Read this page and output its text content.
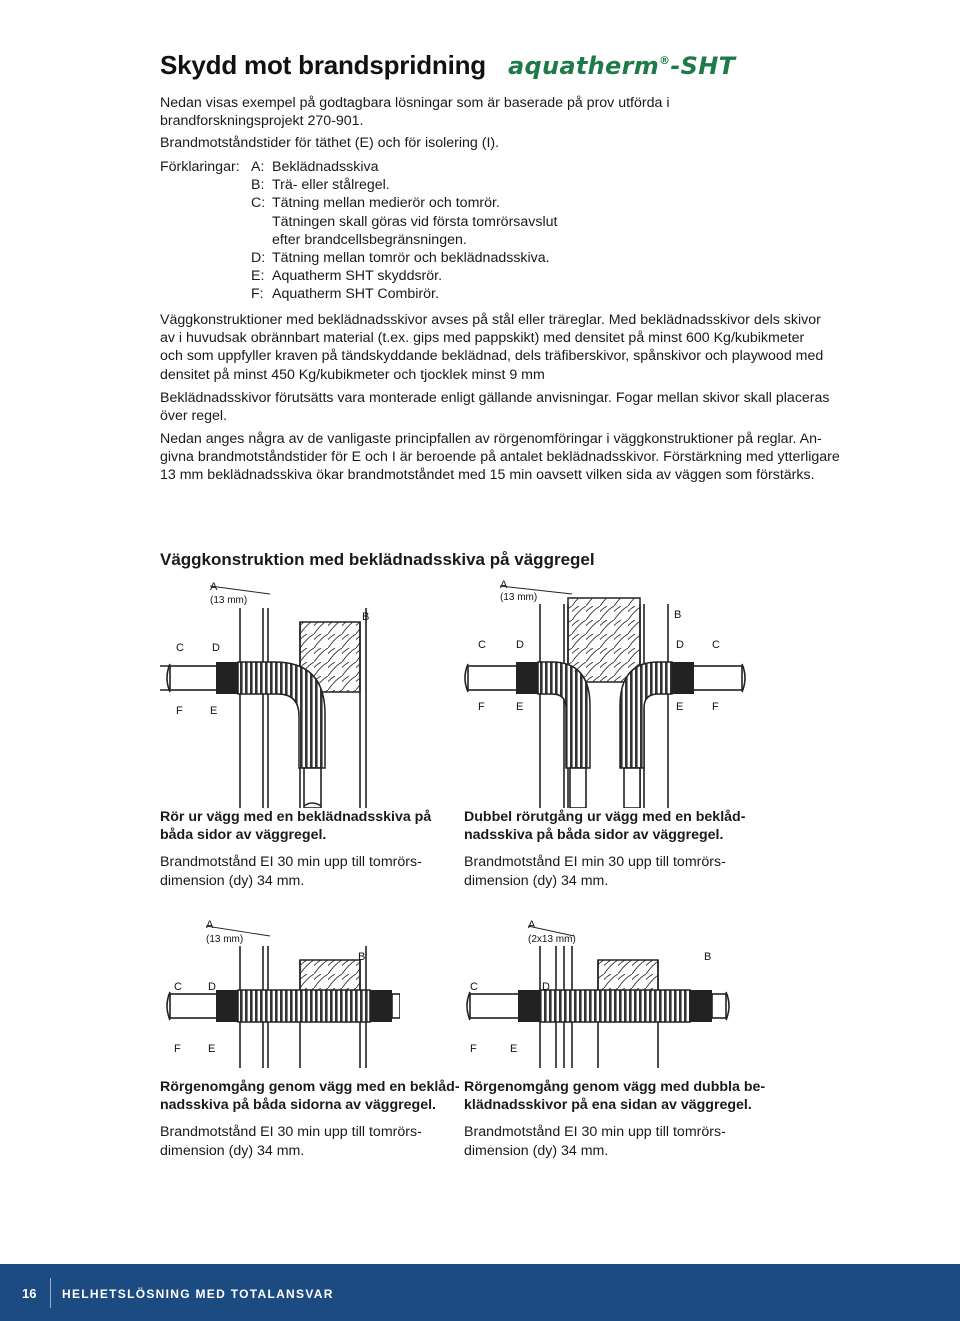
Skydd mot brandspridning aquatherm®-SHT
Nedan visas exempel på godtagbara lösningar som är baserade på prov utförda i
brandforskningsprojekt 270-901.
Brandmotståndstider för täthet (E) och för isolering (I).
Förklaringar: A: Beklädnadsskiva
B: Trä- eller stålregel.
C: Tätning mellan medierör och tomrör.
Tätningen skall göras vid första tomrörsavslut
efter brandcellsbegränsningen.
D: Tätning mellan tomrör och beklädnadsskiva.
E: Aquatherm SHT skyddsrör.
F: Aquatherm SHT Combirör.
Väggkonstruktioner med beklädnadsskivor avses på stål eller träreglar. Med beklädnadsskivor dels skivor
av i huvudsak obrännbart material (t.ex. gips med pappskikt) med densitet på minst 600 Kg/kubikmeter
och som uppfyller kraven på tändskyddande beklädnad, dels träfiberskivor, spånskivor och playwood med
densitet på minst 450 Kg/kubikmeter och tjocklek minst 9 mm
Beklädnadsskivor förutsätts vara monterade enligt gällande anvisningar. Fogar mellan skivor skall placeras
över regel.
Nedan anges några av de vanligaste principfallen av rörgenomföringar i väggkonstruktioner på reglar. An-
givna brandmotståndstider för E och I är beroende på antalet beklädnadsskivor. Förstärkning med ytterligare
13 mm beklädnadsskiva ökar brandmotståndet med 15 min oavsett vilken sida av väggen som förstärks.
Väggkonstruktion med beklädnadsskiva på väggregel
A
(13 mm)
B
C	D
F E
A
(13 mm)
B
C	D	D	C
F	E	E	F
Rör ur vägg med en beklädnadsskiva på
båda sidor av väggregel.
Brandmotstånd EI 30 min upp till tomrörs-
dimension (dy) 34 mm.
Dubbel rörutgång ur vägg med en beklåd-
nadsskiva på båda sidor av väggregel.
Brandmotstånd EI min 30 upp till tomrörs-
dimension (dy) 34 mm.
A
(13 mm)
B
C D
F E
A
(2x13 mm)
B
C	D
F	E
Rörgenomgång genom vägg med en beklåd-
nadsskiva på båda sidorna av väggregel.
Brandmotstånd EI 30 min upp till tomrörs-
dimension (dy) 34 mm.
Rörgenomgång genom vägg med dubbla be-
klädnadsskivor på ena sidan av väggregel.
Brandmotstånd EI 30 min upp till tomrörs-
dimension (dy) 34 mm.
16 HELHETSLÖSNING MED TOTALANSVAR
